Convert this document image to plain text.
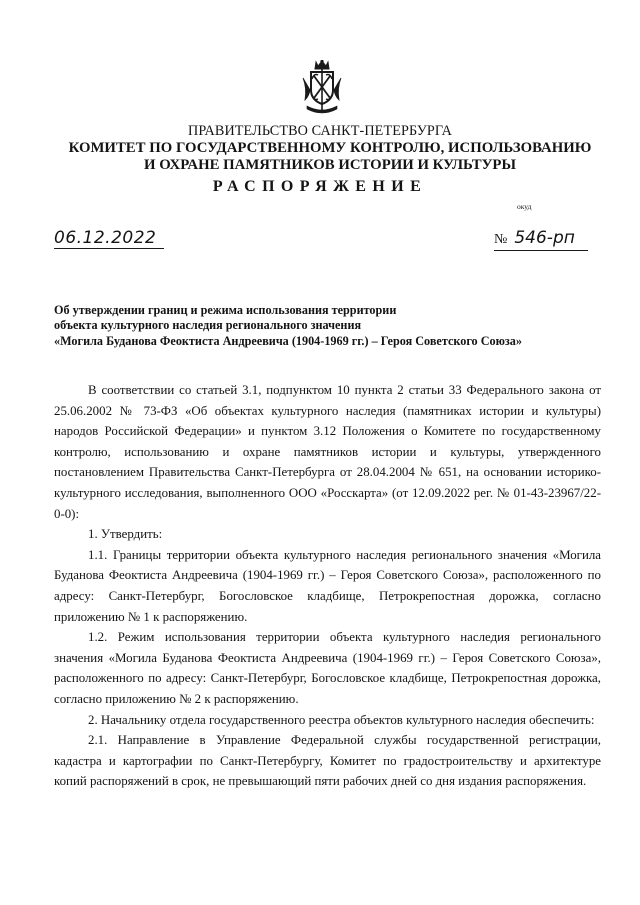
ПРАВИТЕЛЬСТВО САНКТ-ПЕТЕРБУРГА
КОМИТЕТ ПО ГОСУДАРСТВЕННОМУ КОНТРОЛЮ, ИСПОЛЬЗОВАНИЮ
И ОХРАНЕ ПАМЯТНИКОВ ИСТОРИИ И КУЛЬТУРЫ
РАСПОРЯЖЕНИЕ
окуд
06.12.2022	№ 546-рп
Об утверждении границ и режима использования территории
объекта культурного наследия регионального значения
«Могила Буданова Феоктиста Андреевича (1904-1969 гг.) – Героя Советского Союза»

В соответствии со статьей 3.1, подпунктом 10 пункта 2 статьи 33 Федерального закона от 25.06.2002 № 73-ФЗ «Об объектах культурного наследия (памятниках истории и культуры) народов Российской Федерации» и пунктом 3.12 Положения о Комитете по государственному контролю, использованию и охране памятников истории и культуры, утвержденного постановлением Правительства Санкт-Петербурга от 28.04.2004 № 651, на основании историко-культурного исследования, выполненного ООО «Росскарта» (от 12.09.2022 рег. № 01-43-23967/22-0-0):

1. Утвердить:

1.1. Границы территории объекта культурного наследия регионального значения «Могила Буданова Феоктиста Андреевича (1904-1969 гг.) – Героя Советского Союза», расположенного по адресу: Санкт-Петербург, Богословское кладбище, Петрокрепостная дорожка, согласно приложению № 1 к распоряжению.

1.2. Режим использования территории объекта культурного наследия регионального значения «Могила Буданова Феоктиста Андреевича (1904-1969 гг.) – Героя Советского Союза», расположенного по адресу: Санкт-Петербург, Богословское кладбище, Петрокрепостная дорожка, согласно приложению № 2 к распоряжению.

2. Начальнику отдела государственного реестра объектов культурного наследия обеспечить:

2.1. Направление в Управление Федеральной службы государственной регистрации, кадастра и картографии по Санкт-Петербургу, Комитет по градостроительству и архитектуре копий распоряжений в срок, не превышающий пяти рабочих дней со дня издания распоряжения.
